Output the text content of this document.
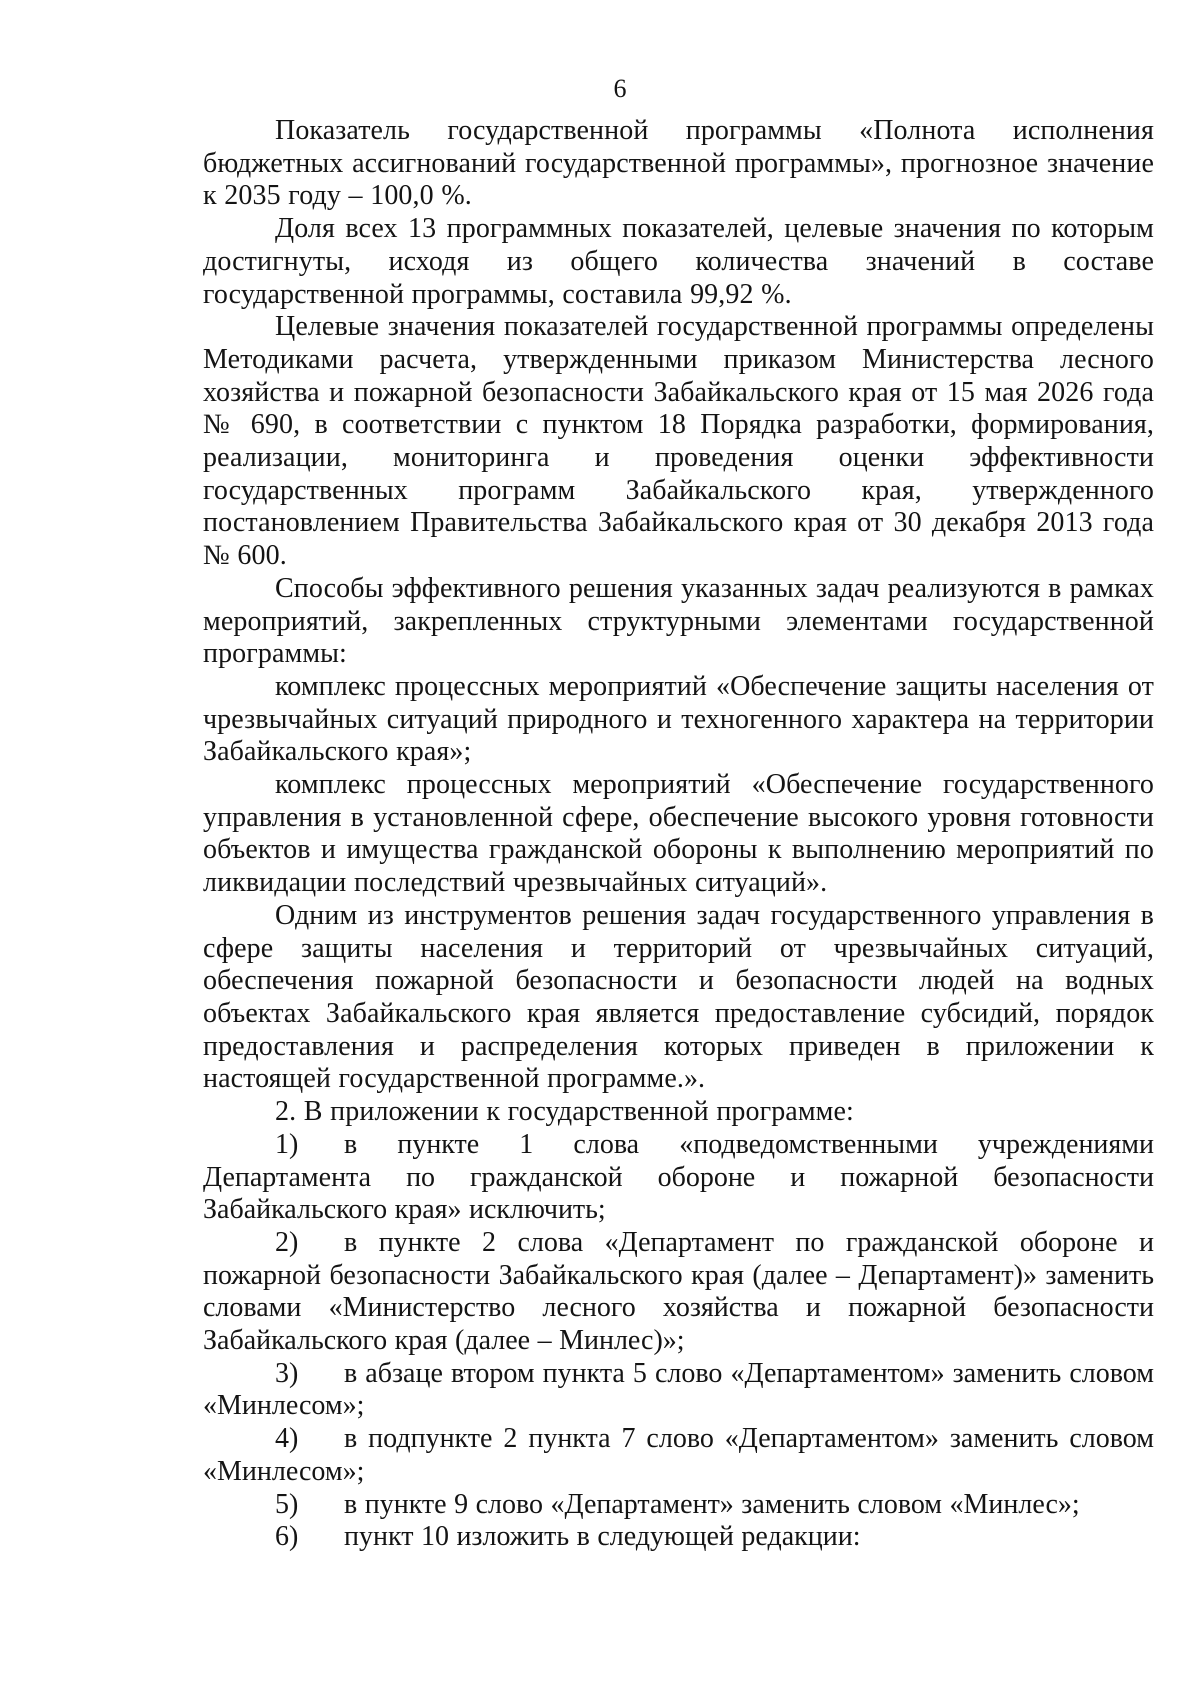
6

Показатель государственной программы «Полнота исполнения бюджетных ассигнований государственной программы», прогнозное значение к 2035 году – 100,0 %.

Доля всех 13 программных показателей, целевые значения по которым достигнуты, исходя из общего количества значений в составе государственной программы, составила 99,92 %.

Целевые значения показателей государственной программы определены Методиками расчета, утвержденными приказом Министерства лесного хозяйства и пожарной безопасности Забайкальского края от 15 мая 2026 года № 690, в соответствии с пунктом 18 Порядка разработки, формирования, реализации, мониторинга и проведения оценки эффективности государственных программ Забайкальского края, утвержденного постановлением Правительства Забайкальского края от 30 декабря 2013 года № 600.

Способы эффективного решения указанных задач реализуются в рамках мероприятий, закрепленных структурными элементами государственной программы:

комплекс процессных мероприятий «Обеспечение защиты населения от чрезвычайных ситуаций природного и техногенного характера на территории Забайкальского края»;

комплекс процессных мероприятий «Обеспечение государственного управления в установленной сфере, обеспечение высокого уровня готовности объектов и имущества гражданской обороны к выполнению мероприятий по ликвидации последствий чрезвычайных ситуаций».

Одним из инструментов решения задач государственного управления в сфере защиты населения и территорий от чрезвычайных ситуаций, обеспечения пожарной безопасности и безопасности людей на водных объектах Забайкальского края является предоставление субсидий, порядок предоставления и распределения которых приведен в приложении к настоящей государственной программе.».

2. В приложении к государственной программе:

1) в пункте 1 слова «подведомственными учреждениями Департамента по гражданской обороне и пожарной безопасности Забайкальского края» исключить;

2) в пункте 2 слова «Департамент по гражданской обороне и пожарной безопасности Забайкальского края (далее – Департамент)» заменить словами «Министерство лесного хозяйства и пожарной безопасности Забайкальского края (далее – Минлес)»;

3) в абзаце втором пункта 5 слово «Департаментом» заменить словом «Минлесом»;

4) в подпункте 2 пункта 7 слово «Департаментом» заменить словом «Минлесом»;

5) в пункте 9 слово «Департамент» заменить словом «Минлес»;

6) пункт 10 изложить в следующей редакции:
